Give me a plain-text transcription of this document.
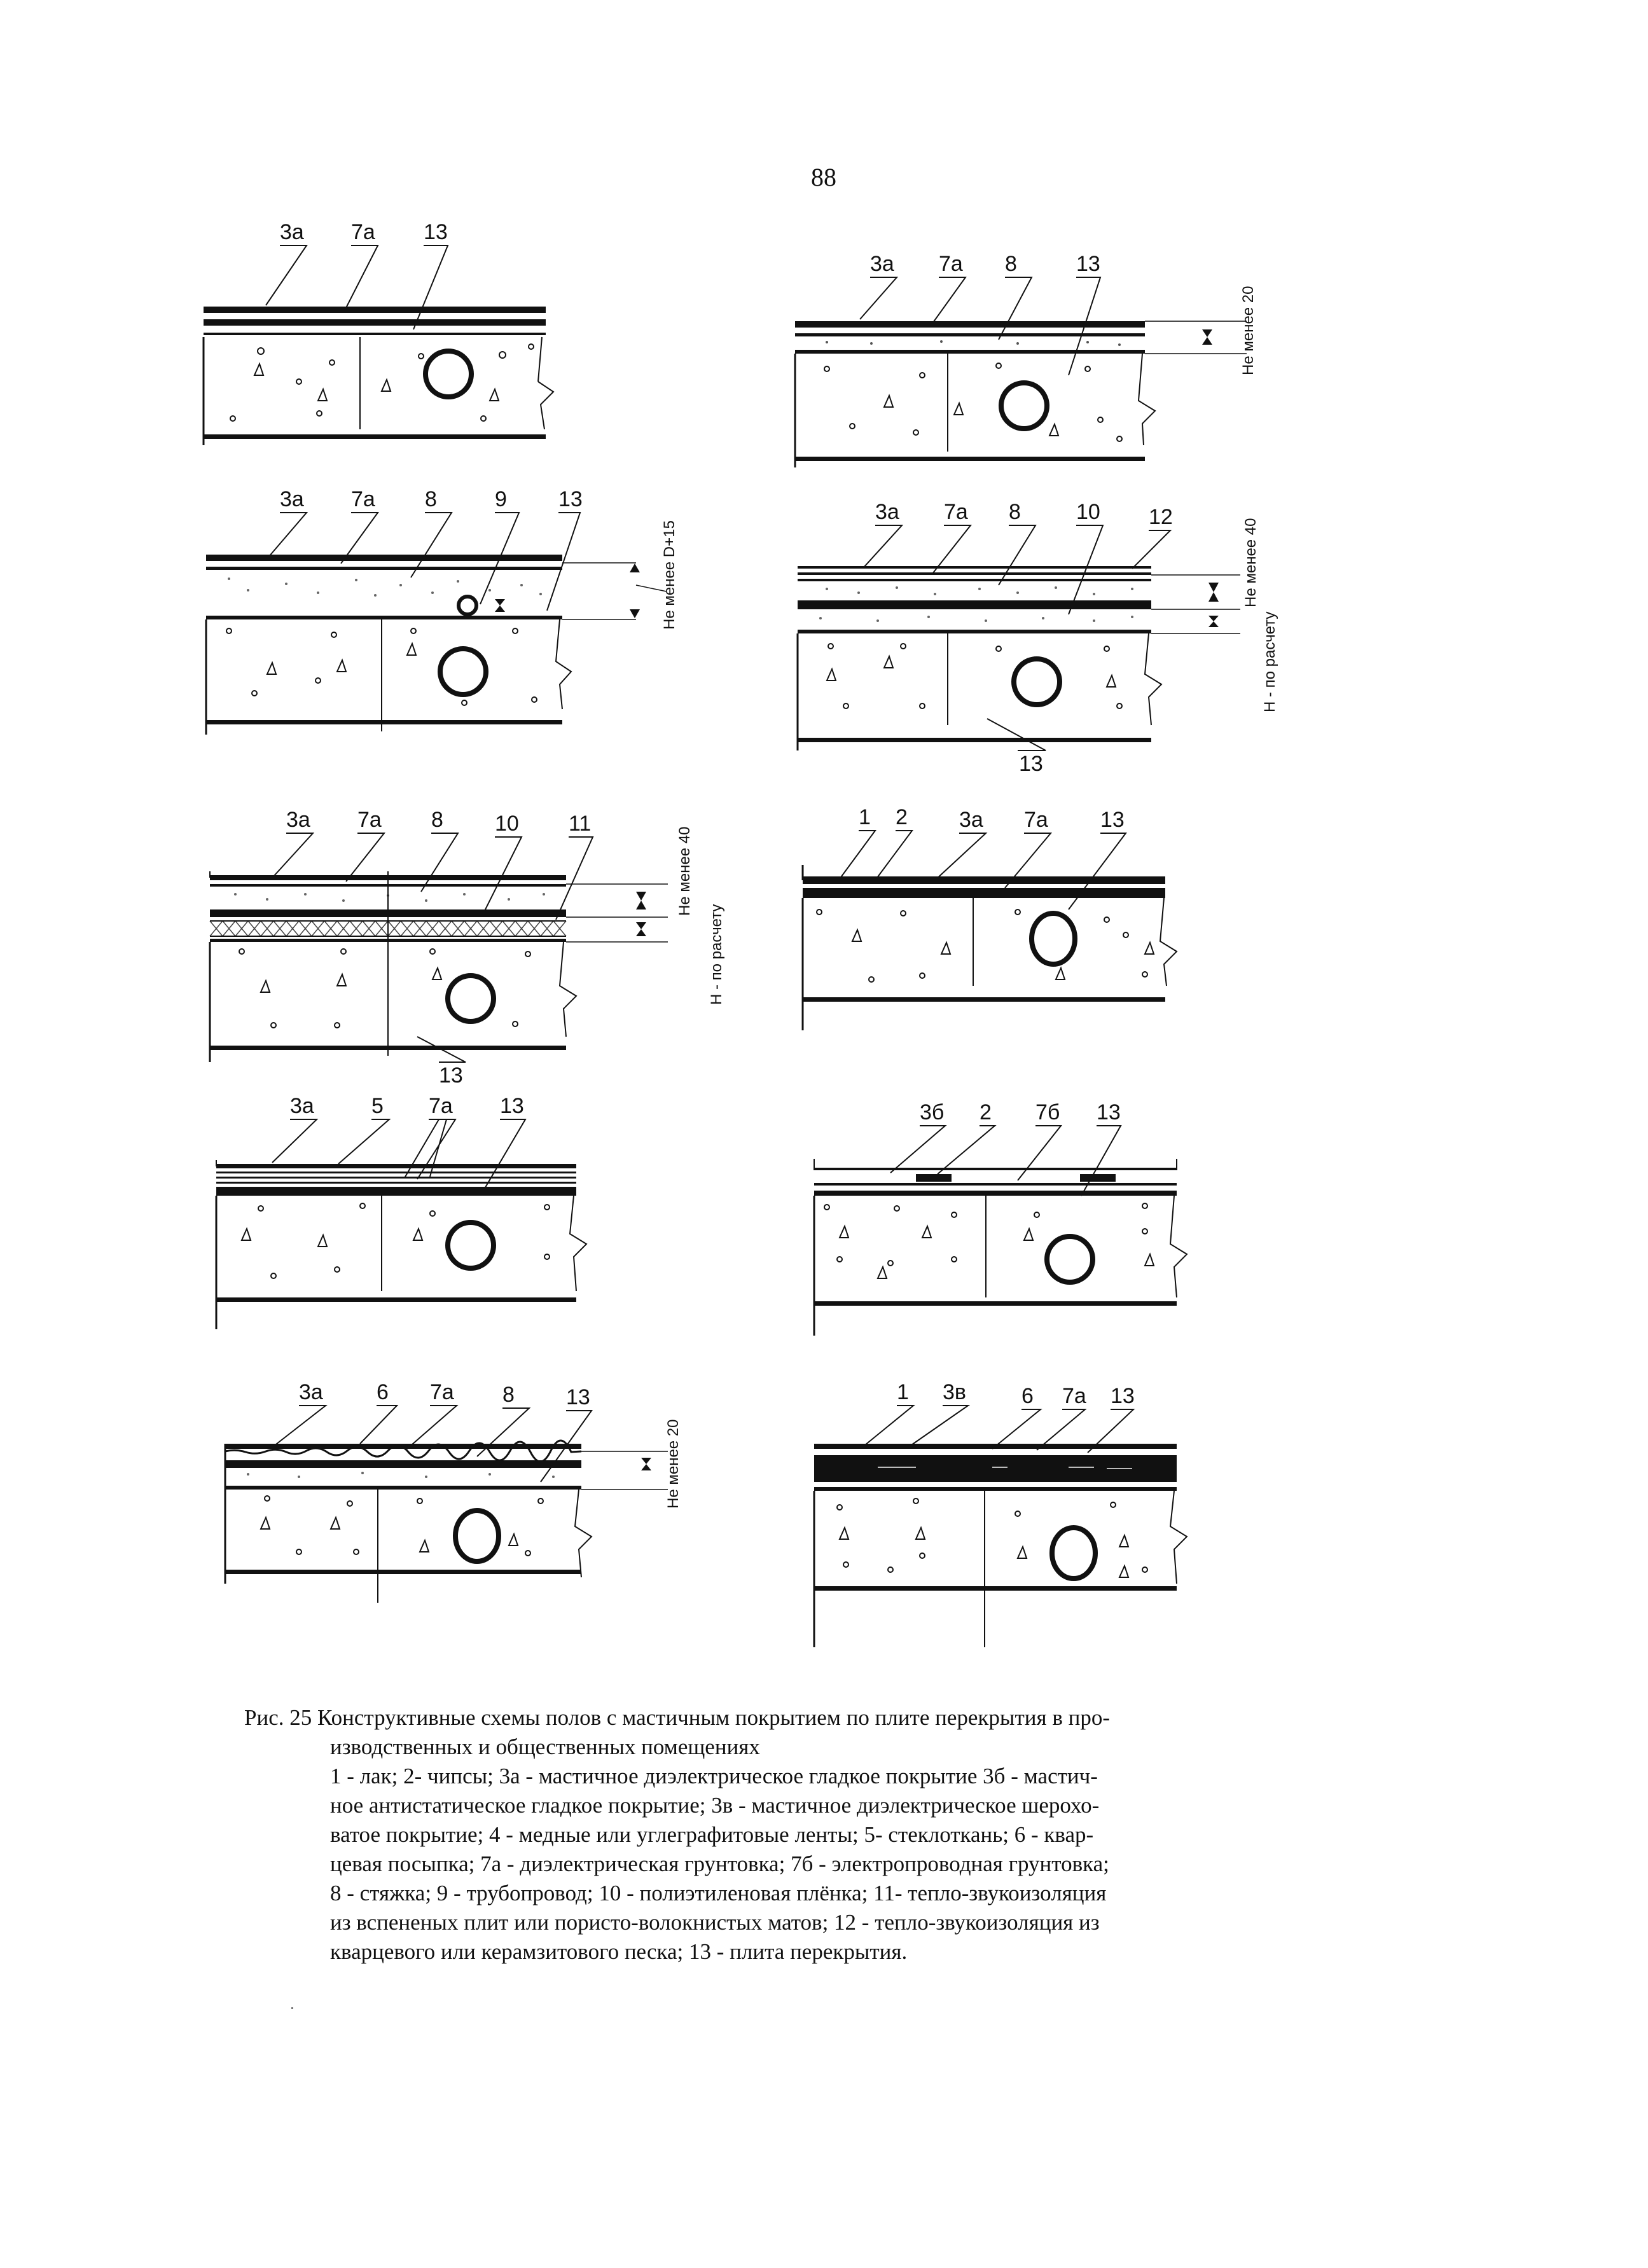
88
3а 7а 13
3а 7а 8	13
Не менее 20
3а 7а 8	9 13
Не менее D+15
3а 7а 8	10 12
13
Не менее 40
Н - по расчету
3а 7а 8 10 11
13
Не менее 40
Н - по расчету
1 2 3а 7а 13
3а	5 7а 13	3б 2 7б 13
3а 6 7а 8 13
Не менее 20
1 3в	6 7а 13
Рис. 25 Конструктивные схемы полов с мастичным покрытием по плите перекрытия в про-
изводственных и общественных помещениях
1 - лак; 2- чипсы; 3а - мастичное диэлектрическое гладкое покрытие 3б - мастич-
ное антистатическое гладкое покрытие; 3в - мастичное диэлектрическое шерохо-
ватое покрытие; 4 - медные или углеграфитовые ленты; 5- стеклоткань; 6 - квар-
цевая посыпка; 7а - диэлектрическая грунтовка; 7б - электропроводная грунтовка;
8 - стяжка; 9 - трубопровод; 10 - полиэтиленовая плёнка; 11- тепло-звукоизоляция
из вспененых плит или пористо-волокнистых матов; 12 - тепло-звукоизоляция из
кварцевого или керамзитового песка; 13 - плита перекрытия.
